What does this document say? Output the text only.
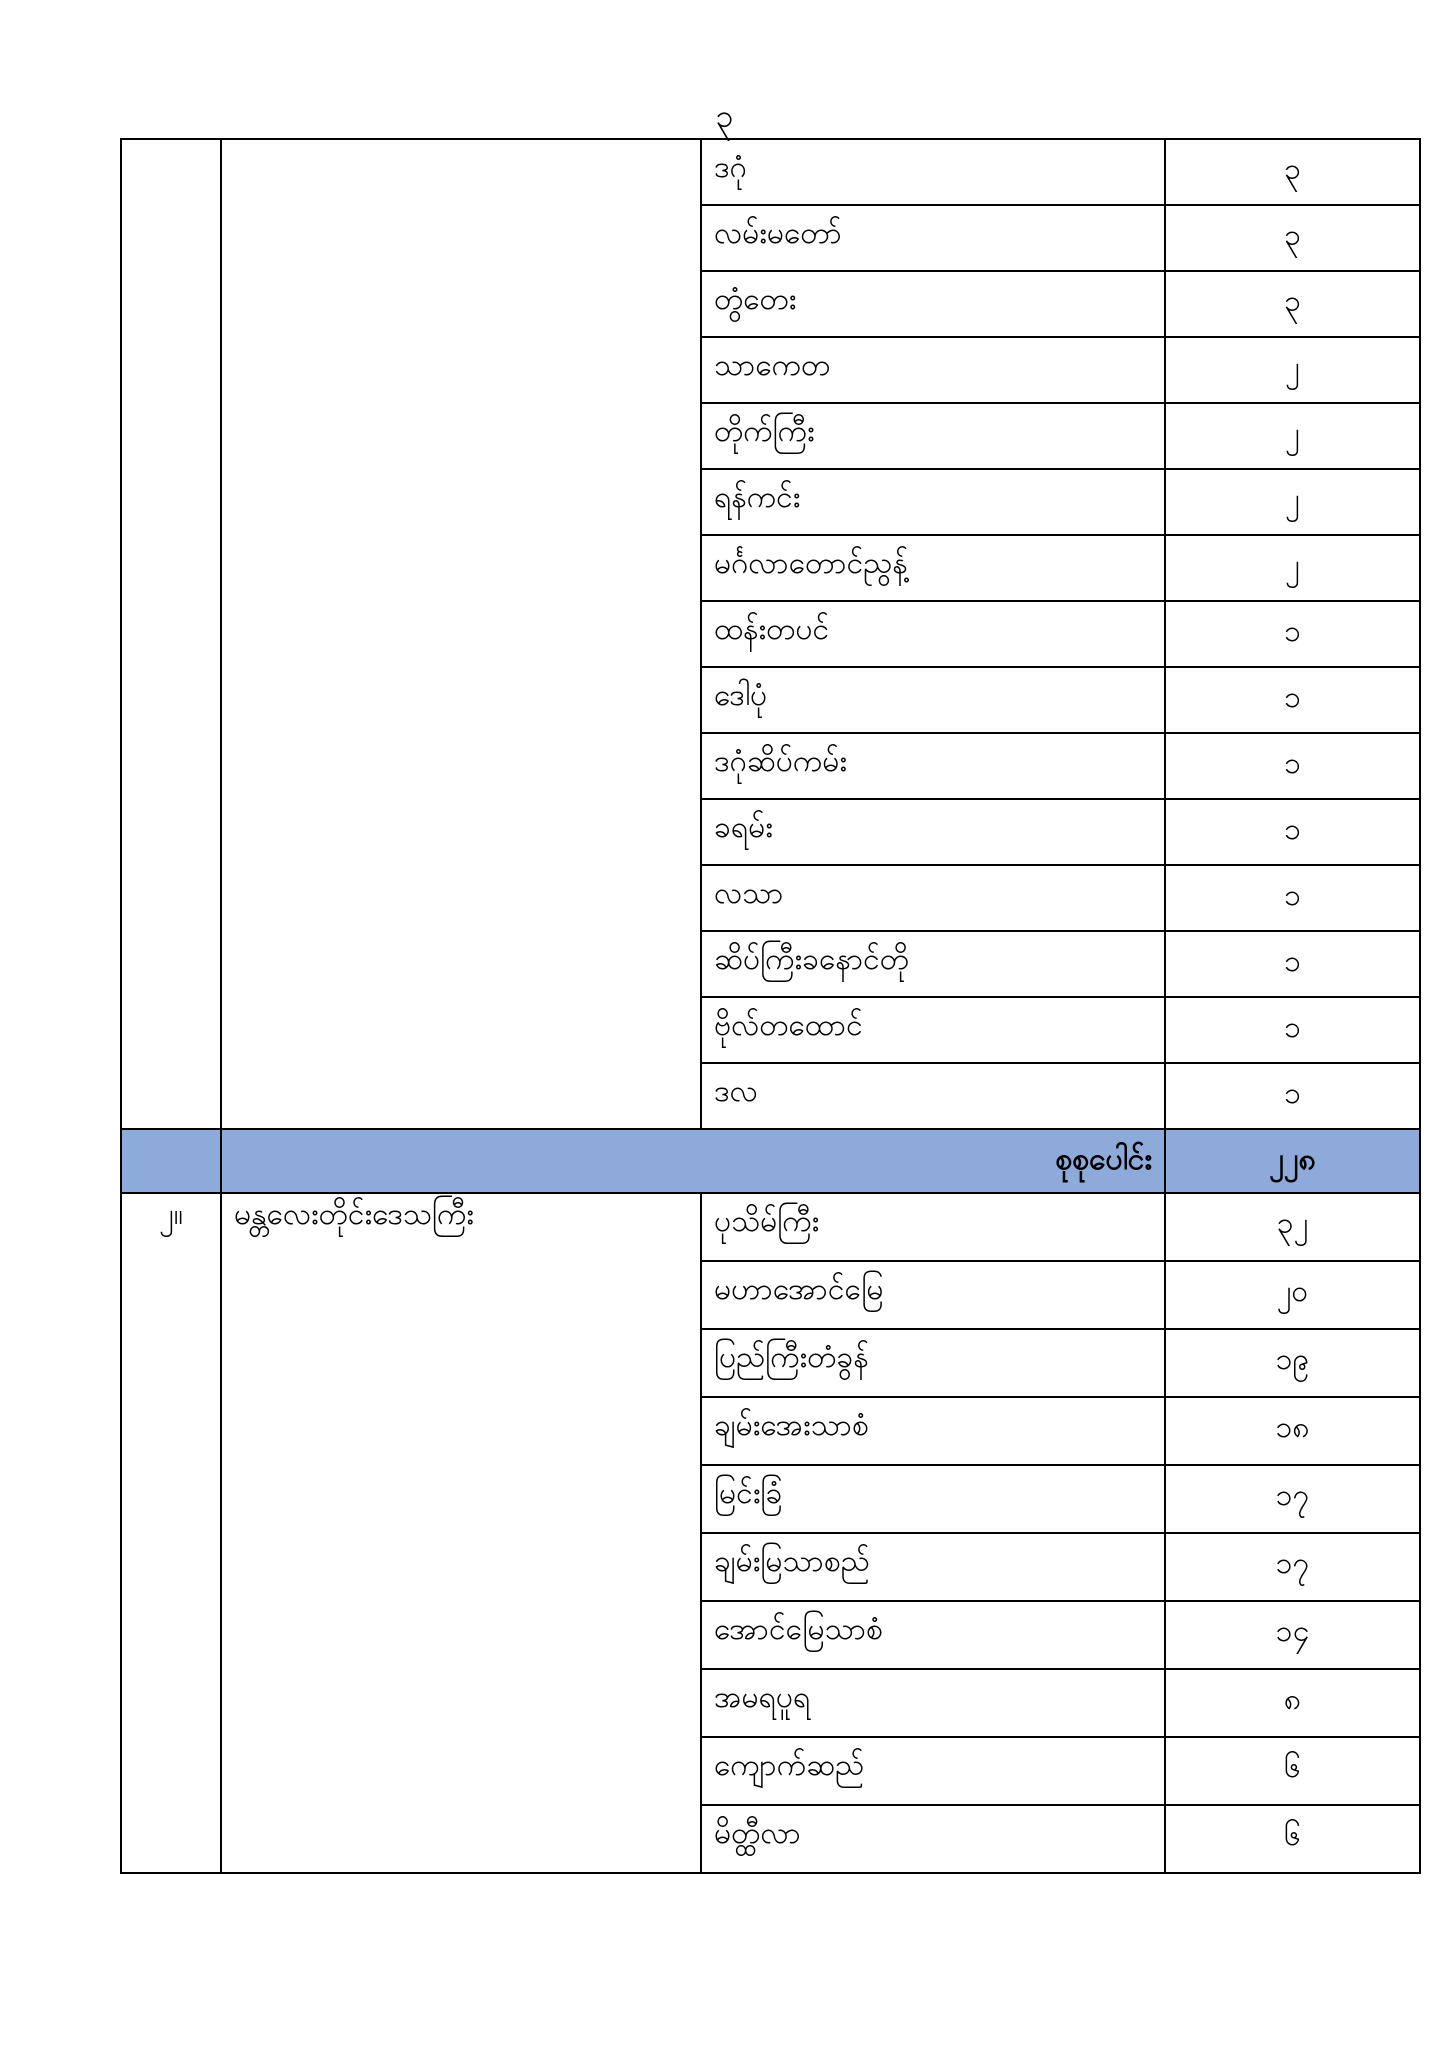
၃
		ဒဂုံ	၃
		လမ်းမတော်	၃
		တွံတေး	၃
		သာကေတ	၂
		တိုက်ကြီး	၂
		ရန်ကင်း	၂
		မင်္ဂလာတောင်ညွန့်	၂
		ထန်းတပင်	၁
		ဒေါပုံ	၁
		ဒဂုံဆိပ်ကမ်း	၁
		ခရမ်း	၁
		လသာ	၁
		ဆိပ်ကြီးခနောင်တို	၁
		ဗိုလ်တထောင်	၁
		ဒလ	၁
	စုစုပေါင်း		၂၂၈
၂။	မန္တလေးတိုင်းဒေသကြီး	ပုသိမ်ကြီး	၃၂
		မဟာအောင်မြေ	၂၀
		ပြည်ကြီးတံခွန်	၁၉
		ချမ်းအေးသာစံ	၁၈
		မြင်းခြံ	၁၇
		ချမ်းမြသာစည်	၁၇
		အောင်မြေသာစံ	၁၄
		အမရပူရ	၈
		ကျောက်ဆည်	၆
		မိတ္ထီလာ	၆
